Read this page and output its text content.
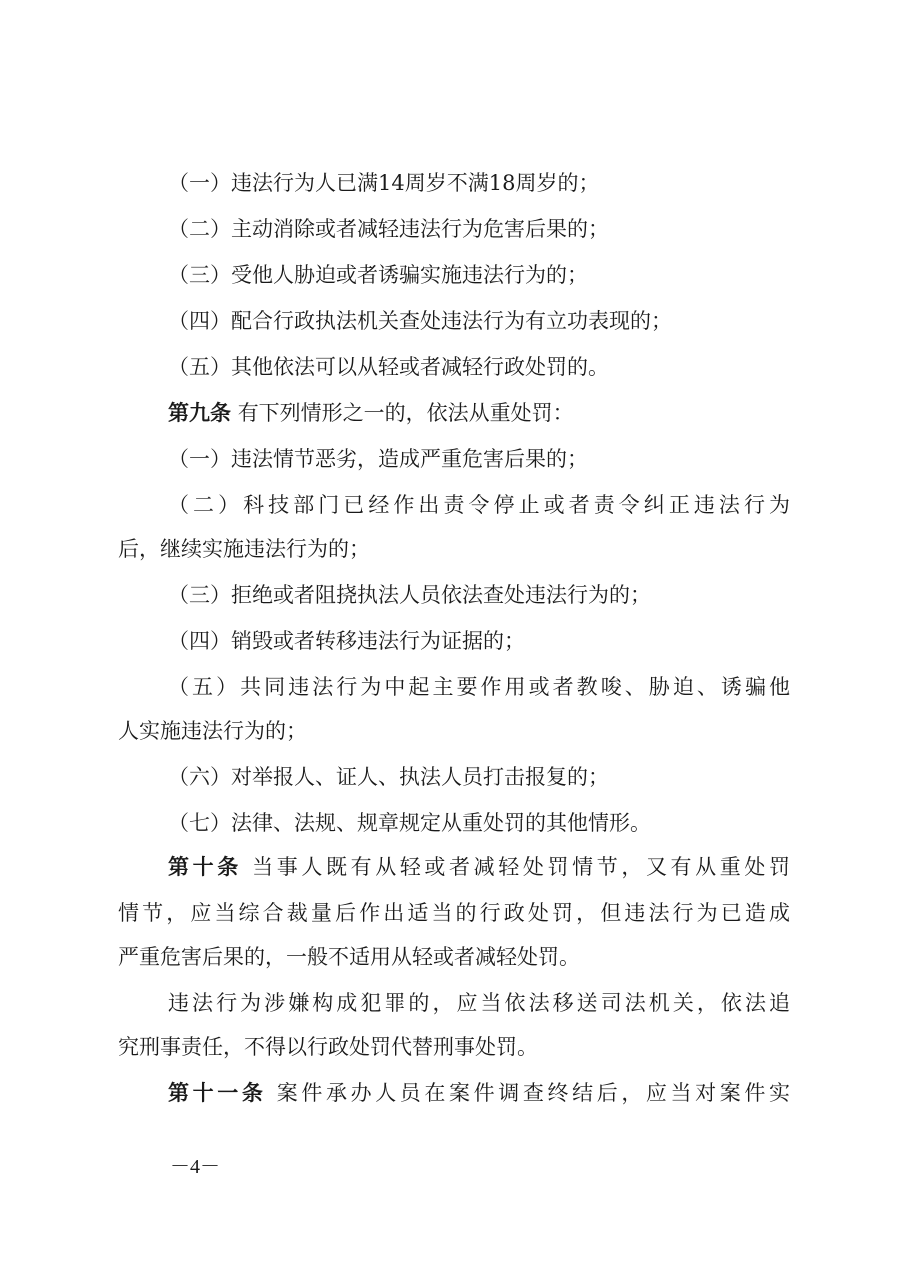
（一）违法行为人已满14周岁不满18周岁的；
（二）主动消除或者减轻违法行为危害后果的；
（三）受他人胁迫或者诱骗实施违法行为的；
（四）配合行政执法机关查处违法行为有立功表现的；
（五）其他依法可以从轻或者减轻行政处罚的。
第九条 有下列情形之一的，依法从重处罚：
（一）违法情节恶劣，造成严重危害后果的；
（二）科技部门已经作出责令停止或者责令纠正违法行为
后，继续实施违法行为的；
（三）拒绝或者阻挠执法人员依法查处违法行为的；
（四）销毁或者转移违法行为证据的；
（五）共同违法行为中起主要作用或者教唆、胁迫、诱骗他
人实施违法行为的；
（六）对举报人、证人、执法人员打击报复的；
（七）法律、法规、规章规定从重处罚的其他情形。
第十条 当事人既有从轻或者减轻处罚情节，又有从重处罚
情节，应当综合裁量后作出适当的行政处罚，但违法行为已造成
严重危害后果的，一般不适用从轻或者减轻处罚。
违法行为涉嫌构成犯罪的，应当依法移送司法机关，依法追
究刑事责任，不得以行政处罚代替刑事处罚。
第十一条 案件承办人员在案件调查终结后，应当对案件实
－4－
